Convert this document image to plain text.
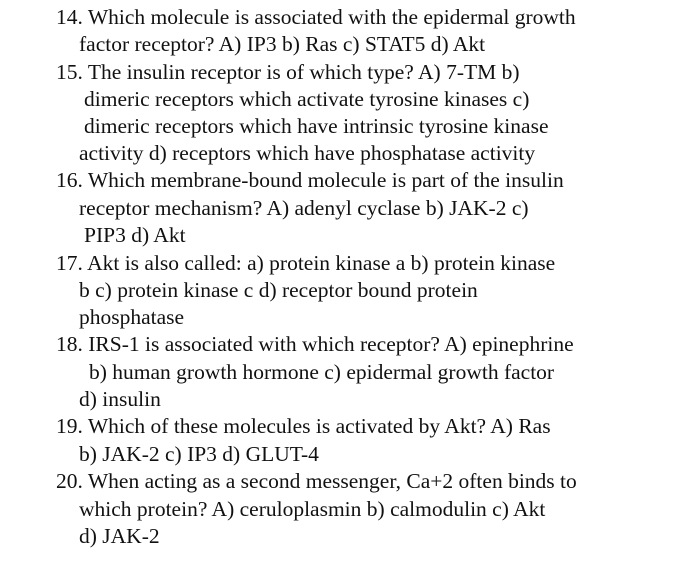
14. Which molecule is associated with the epidermal growth
factor receptor? A) IP3 b) Ras c) STAT5 d) Akt
15. The insulin receptor is of which type? A) 7-TM b)
dimeric receptors which activate tyrosine kinases c)
dimeric receptors which have intrinsic tyrosine kinase
activity d) receptors which have phosphatase activity
16. Which membrane-bound molecule is part of the insulin
receptor mechanism? A) adenyl cyclase b) JAK-2 c)
PIP3 d) Akt
17. Akt is also called: a) protein kinase a b) protein kinase
b c) protein kinase c d) receptor bound protein
phosphatase
18. IRS-1 is associated with which receptor? A) epinephrine
b) human growth hormone c) epidermal growth factor
d) insulin
19. Which of these molecules is activated by Akt? A) Ras
b) JAK-2 c) IP3 d) GLUT-4
20. When acting as a second messenger, Ca+2 often binds to
which protein? A) ceruloplasmin b) calmodulin c) Akt
d) JAK-2
